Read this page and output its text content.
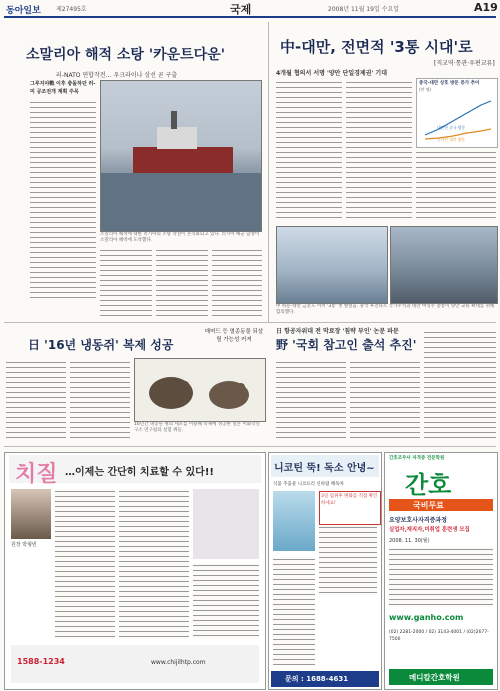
동아일보	제27495호	국제	2008년 11월 19일 수요일	A19
소말리아 해적 소탕 '카운트다운'
러-NATO 연합작전… 우크라이나 상선 곧 구출
그루지야戰 이후 충돌하던 러-미 공조전개 계획 주목
소말리아 해적에 대한 러시아의 소탕 작전이 본격화되고 있다. 러시아 해군 함정이 소말리아 해역에 도착했다.
中-대만, 전면적 '3통 시대'로
[직교역·통관·우편교류]
4개월 협의서 서명 '양안 단일경제권' 기대
중국-대만 상호 방문 증가 추이
(만 명)
대만인 중국 방문
중국인 대만 방문
中 하문-대만 금문도 이어 '3통' 첫 발걸음. 중국 후진타오 국가주석과 대만 마잉주 총통이 양안 교류 확대를 위해 합의했다.
日 '16년 냉동쥐' 복제 성공
매머드 등 멸종동물 되살릴 가능성 커져
16년간 냉동된 쥐의 세포를 이용해 복제에 성공한 일본 이화학연구소 연구팀의 실험 쥐들.
日 항공자위대 전 막료장 '침략 부인' 논문 파문
野 '국회 참고인 출석 추진'
치질 …이제는 간단히 치료할 수 있다!!
원장 박형빈
1588-1234	www.chijilhtp.com
니코틴 뚝! 독소 안녕~
식품 추출물 니코프리 신바람 해독차
3일 섭취후 변화를 직접 확인하세요!
문의 : 1688-4631
간호조무사 자격증 전문학원
간호
국비무료
요양보호사자격증과정
실업자,재직자,미취업 훈련생 모집
2008. 11. 30(월)
www.ganho.com
(02) 2281-2000 / 02) 3143-4001 / (02)2677-7500
메디칼간호학원
